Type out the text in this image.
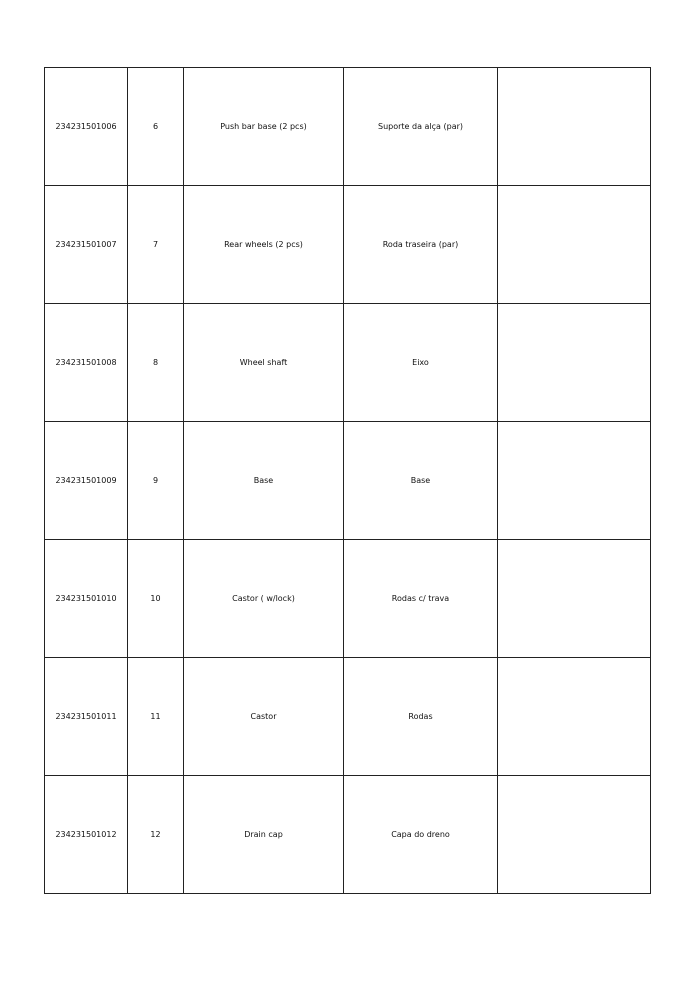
234231501006	6	Push bar base (2 pcs)	Suporte da alça (par)	
234231501007	7	Rear wheels (2 pcs)	Roda traseira (par)	
234231501008	8	Wheel shaft	Eixo	
234231501009	9	Base	Base	
234231501010	10	Castor ( w/lock)	Rodas c/ trava	
234231501011	11	Castor	Rodas	
234231501012	12	Drain cap	Capa do dreno	
